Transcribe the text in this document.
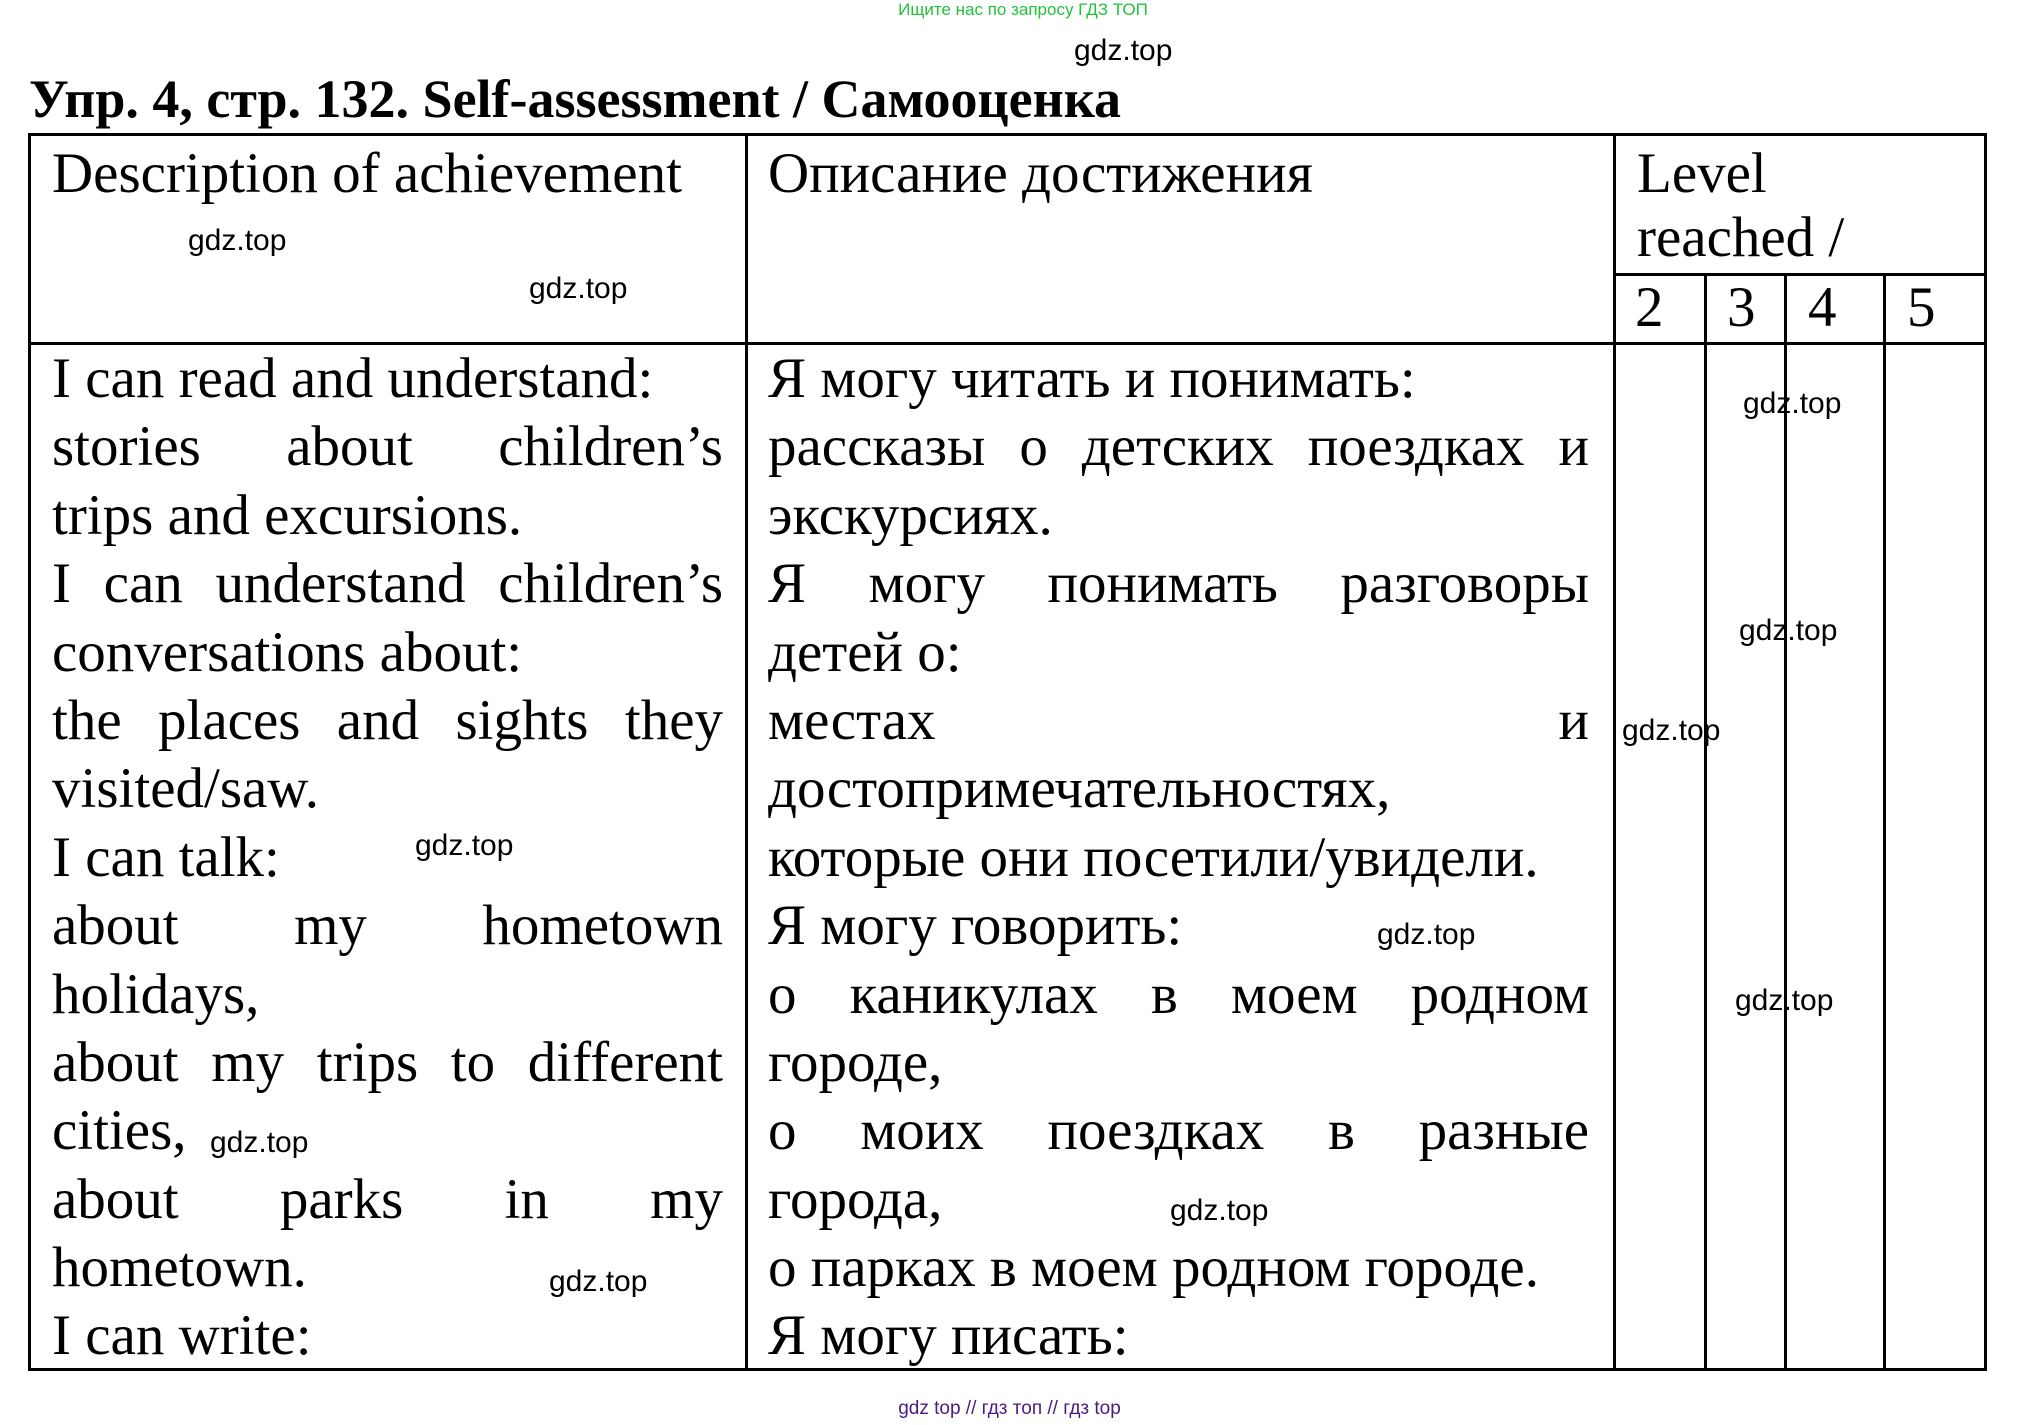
Ищите нас по запросу ГДЗ ТОП
gdz.top
Упр. 4, стр. 132. Self-assessment / Самооценка
Description of achievement Описание достижения	Level
reached /
2 3 4 5
I can read and understand:
stories about children’s
trips and excursions.
I can understand children’s
conversations about:
the places and sights they
visited/saw.
I can talk:
about my hometown
holidays,
about my trips to different
cities,
about parks in my
hometown.
I can write:
Я могу читать и понимать:
рассказы о детских поездках и
экскурсиях.
Я могу понимать разговоры
детей о:
местах и
достопримечательностях,
которые они посетили/увидели.
Я могу говорить:
о каникулах в моем родном
городе,
о моих поездках в разные
города,
о парках в моем родном городе.
Я могу писать:
gdz.top
gdz.top
gdz.top
gdz.top
gdz.top
gdz.top
gdz.top
gdz.top
gdz.top
gdz.top
gdz.top
gdz top // гдз топ // гдз top
